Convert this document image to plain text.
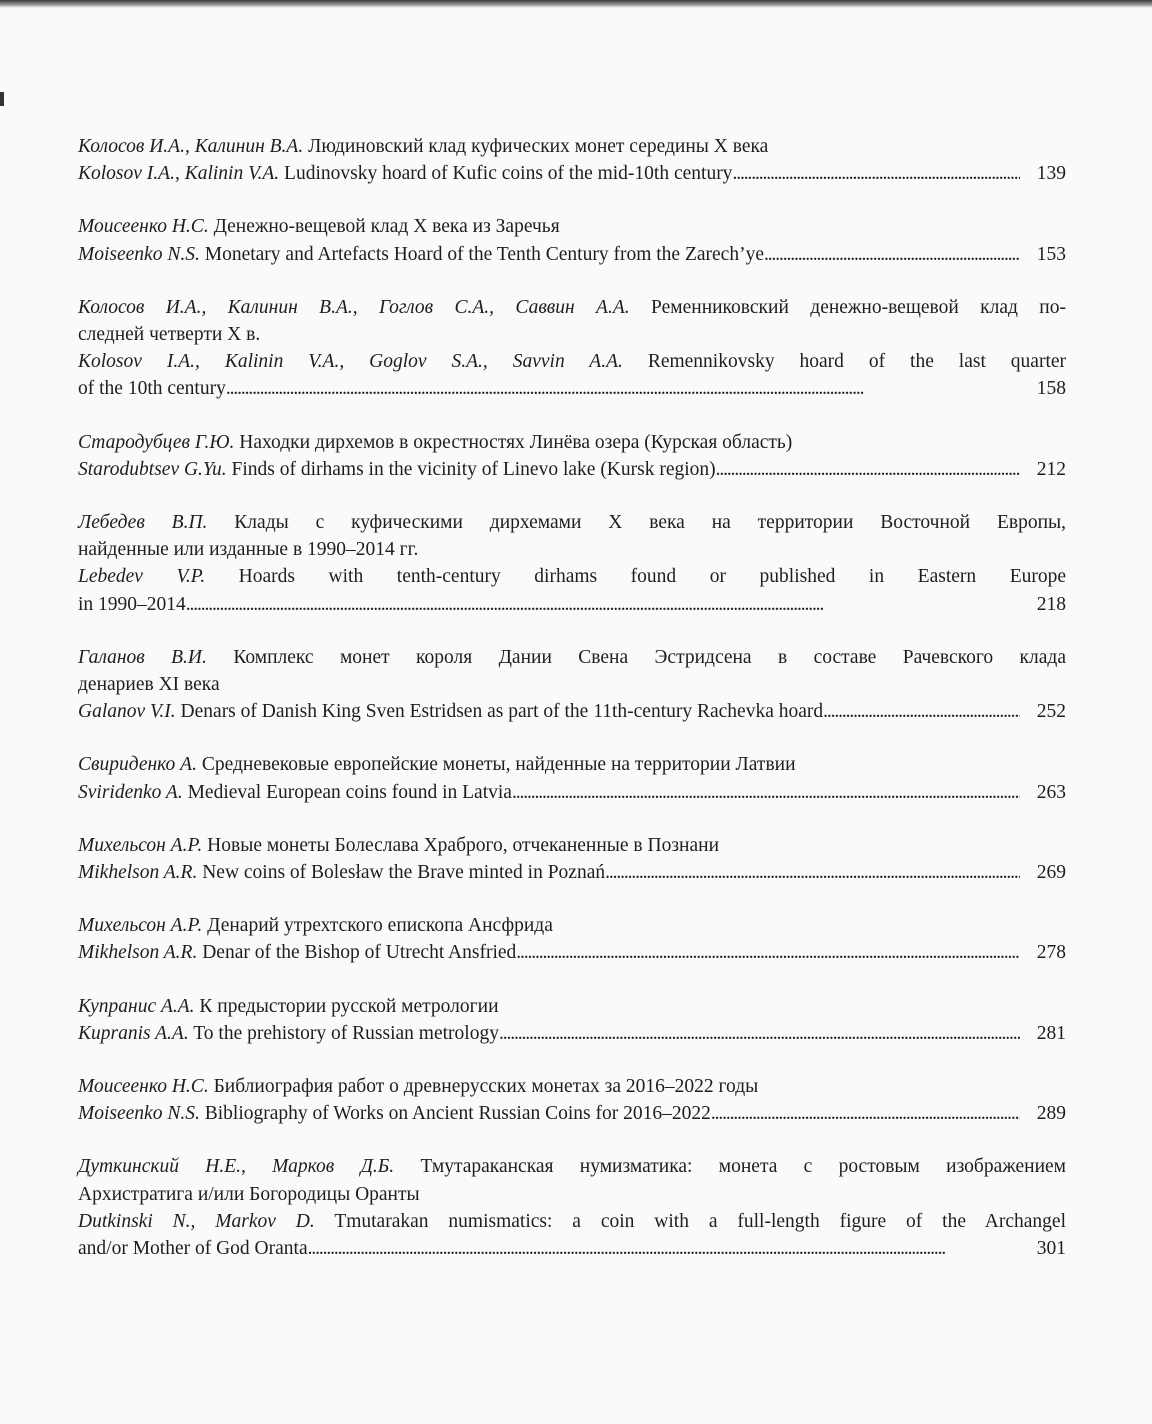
Колосов И.А., Калинин В.А. Людиновский клад куфических монет середины X века
Kolosov I.A., Kalinin V.A. Ludinovsky hoard of Kufic coins of the mid-10th century . . .	139
Моисеенко Н.С. Денежно-вещевой клад X века из Заречья
Moiseenko N.S. Monetary and Artefacts Hoard of the Tenth Century from the Zarech’ye . . .	153
Колосов И.А., Калинин В.А., Гоглов С.А., Саввин А.А. Ременниковский денежно-вещевой клад по-
следней четверти X в.
Kolosov I.A., Kalinin V.A., Goglov S.A., Savvin A.A. Remennikovsky hoard of the last quarter
of the 10th century . . .	158
Стародубцев Г.Ю. Находки дирхемов в окрестностях Линёва озера (Курская область)
Starodubtsev G.Yu. Finds of dirhams in the vicinity of Linevo lake (Kursk region) . . .	212
Лебедев В.П. Клады с куфическими дирхемами X века на территории Восточной Европы,
найденные или изданные в 1990–2014 гг.
Lebedev V.P. Hoards with tenth-century dirhams found or published in Eastern Europe
in 1990–2014 . . .	218
Галанов В.И. Комплекс монет короля Дании Свена Эстридсена в составе Рачевского клада
денариев XI века
Galanov V.I. Denars of Danish King Sven Estridsen as part of the 11th-century Rachevka hoard . . .	252
Свириденко А. Средневековые европейские монеты, найденные на территории Латвии
Sviridenko A. Medieval European coins found in Latvia . . .	263
Михельсон А.Р. Новые монеты Болеслава Храброго, отчеканенные в Познани
Mikhelson A.R. New coins of Bolesław the Brave minted in Poznań . . .	269
Михельсон А.Р. Денарий утрехтского епископа Ансфрида
Mikhelson A.R. Denar of the Bishop of Utrecht Ansfried . . .	278
Купранис А.А. К предыстории русской метрологии
Kupranis A.A. To the prehistory of Russian metrology . . .	281
Моисеенко Н.С. Библиография работ о древнерусских монетах за 2016–2022 годы
Moiseenko N.S. Bibliography of Works on Ancient Russian Coins for 2016–2022 . . .	289
Дуткинский Н.Е., Марков Д.Б. Тмутараканская нумизматика: монета с ростовым изображением
Архистратига и/или Богородицы Оранты
Dutkinski N., Markov D. Tmutarakan numismatics: a coin with a full-length figure of the Archangel
and/or Mother of God Oranta . . .	301
